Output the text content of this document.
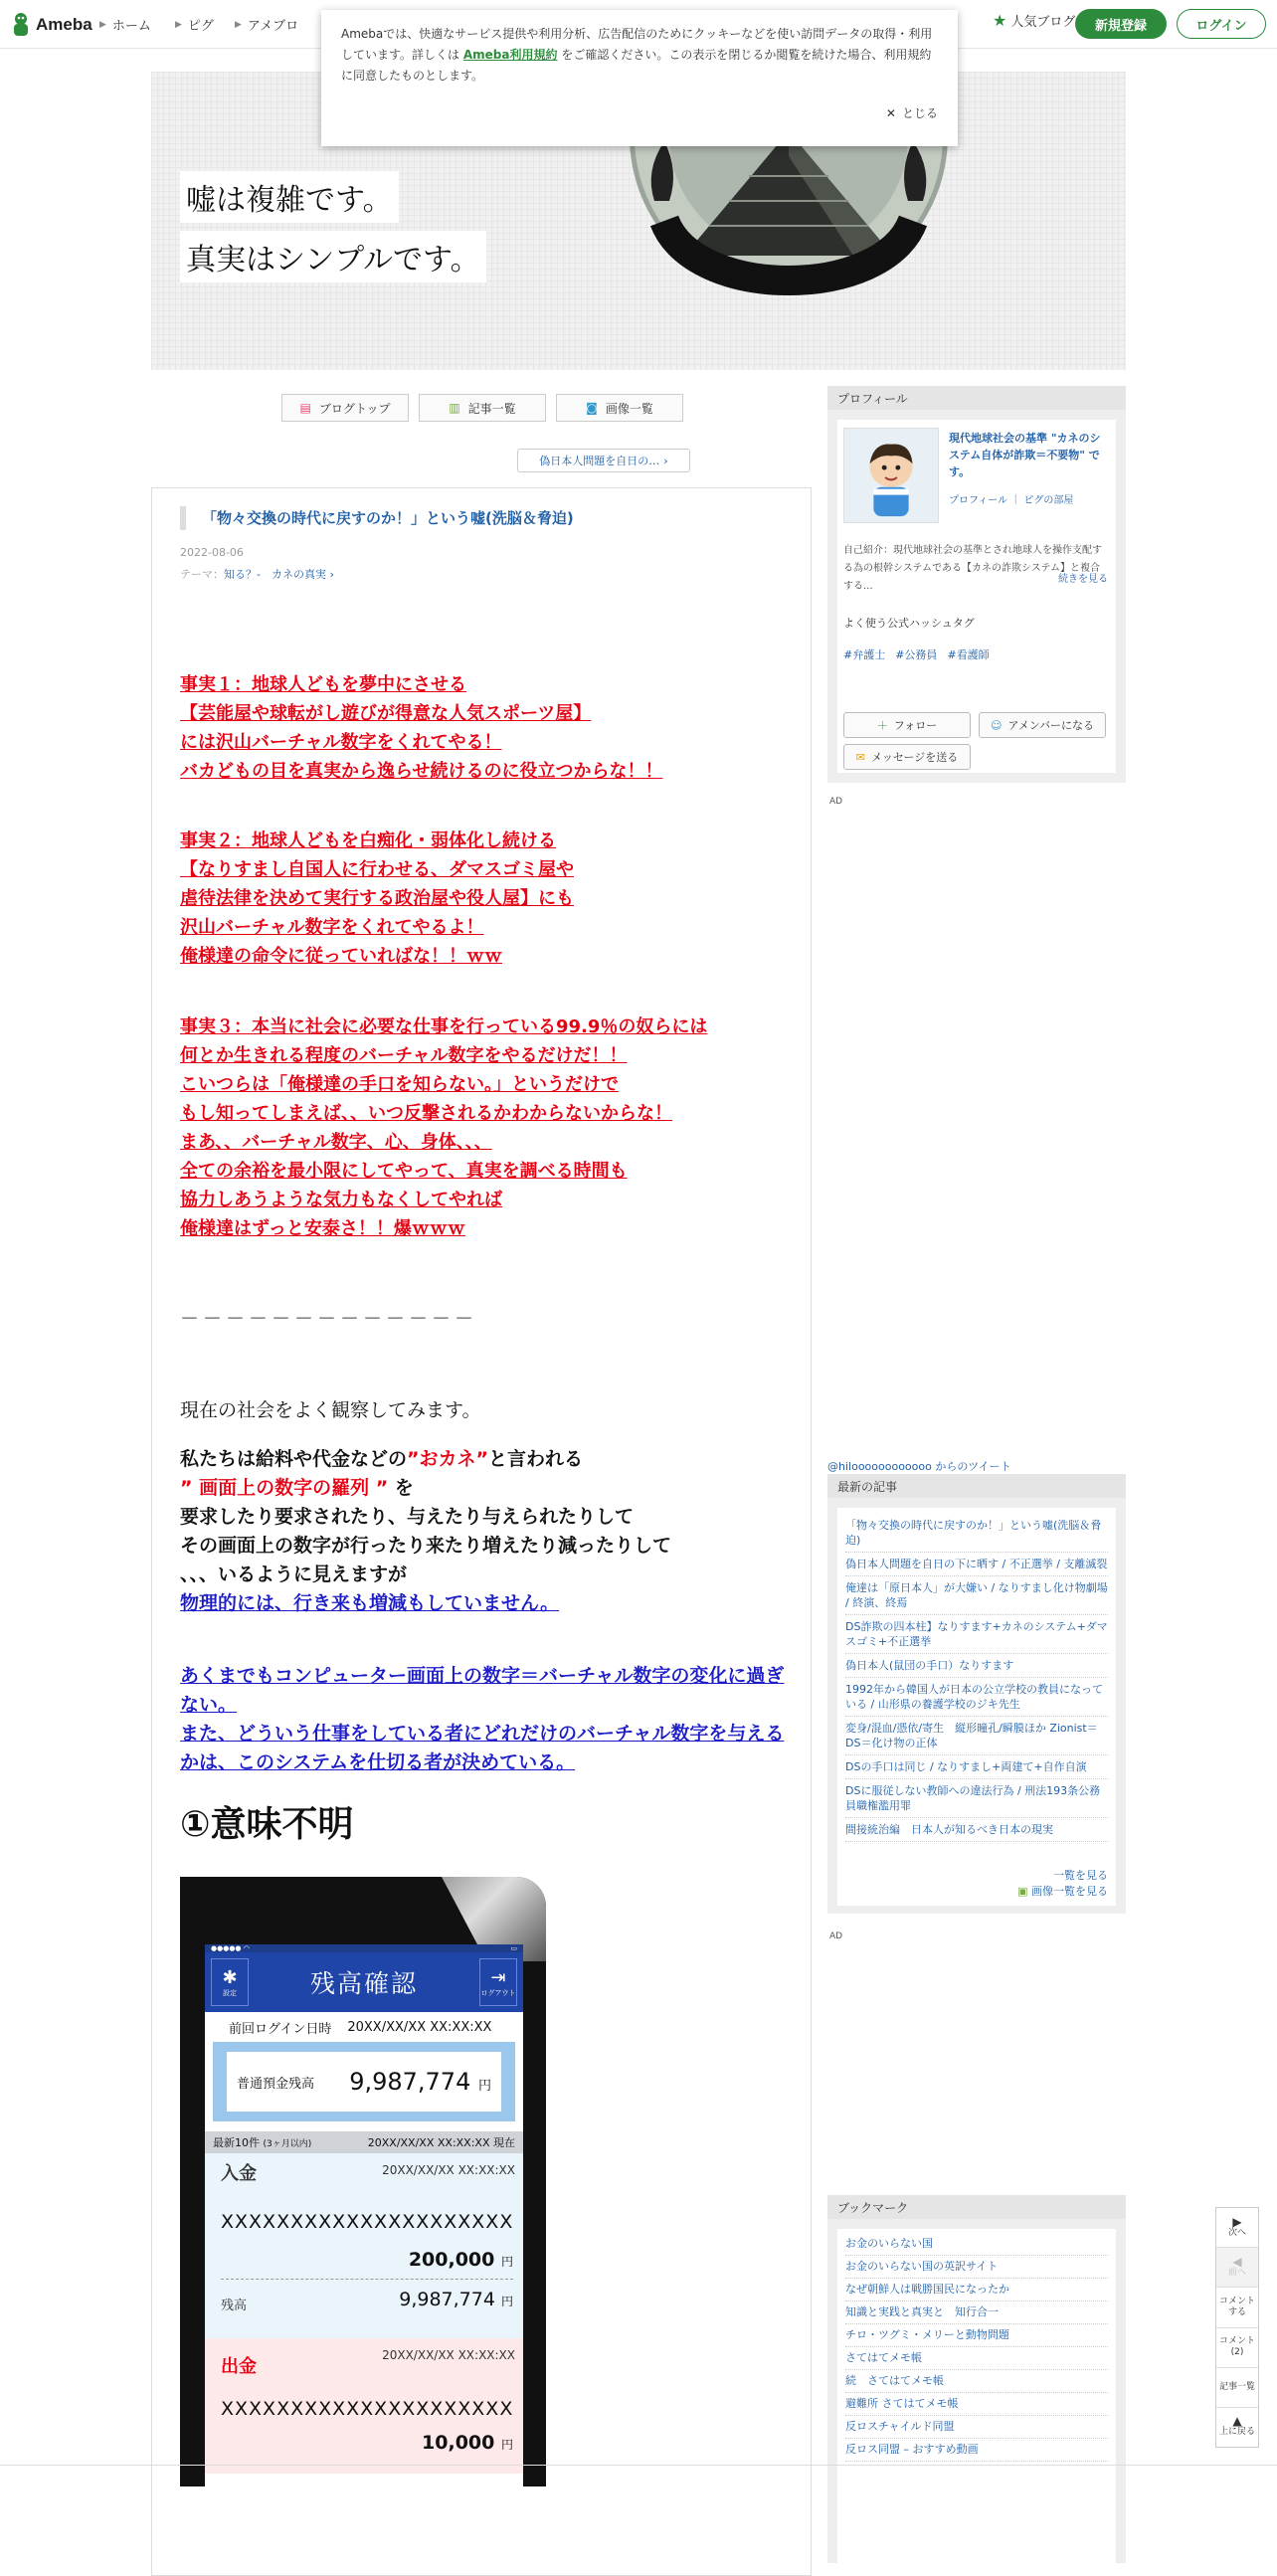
Ameba ▶ ホーム	▶ ピグ ▶ アメブロ	★ 人気ブログ	新規登録	ログイン
Amebaでは、快適なサービス提供や利用分析、広告配信のためにクッキーなどを使い訪問データの取得・利用しています。詳しくは Ameba利用規約 をご確認ください。この表示を閉じるか閲覧を続けた場合、利用規約に同意したものとします。
✕ とじる
嘘は複雑です。
真実はシンプルです。
▤ ブログトップ	▥ 記事一覧	◙ 画像一覧
偽日本人問題を自日の… ›
「物々交換の時代に戻すのか！」という嘘(洗脳＆脅迫)
2022-08-06
テーマ：知る？-　カネの真実 ›
事実１：地球人どもを夢中にさせる
【芸能屋や球転がし遊びが得意な人気スポーツ屋】
には沢山バーチャル数字をくれてやる！
バカどもの目を真実から逸らせ続けるのに役立つからな！！
事実２：地球人どもを白痴化・弱体化し続ける
【なりすまし自国人に行わせる、ダマスゴミ屋や
虐待法律を決めて実行する政治屋や役人屋】にも
沢山バーチャル数字をくれてやるよ！
俺様達の命令に従っていればな！！ｗｗ
事実３：本当に社会に必要な仕事を行っている99.9％の奴らには
何とか生きれる程度のバーチャル数字をやるだけだ！！
こいつらは「俺様達の手口を知らない。」というだけで
もし知ってしまえば、、いつ反撃されるかわからないからな！
まあ、、バーチャル数字、心、身体、、、
全ての余裕を最小限にしてやって、真実を調べる時間も
協力しあうような気力もなくしてやれば
俺様達はずっと安泰さ！！爆ｗｗｗ
－－－－－－－－－－－－－
現在の社会をよく観察してみます。
私たちは給料や代金などの”おカネ”と言われる
” 画面上の数字の羅列 ” を
要求したり要求されたり、与えたり与えられたりして
その画面上の数字が行ったり来たり増えたり減ったりして
、、、いるように見えますが
物理的には、行き来も増減もしていません。
あくまでもコンピューター画面上の数字＝バーチャル数字の変化に過ぎない。
また、どういう仕事をしている者にどれだけのバーチャル数字を与えるかは、このシステムを仕切る者が決めている。
①意味不明
●●●●● ◠	▭
✱
設定	残高確認	⇥
ログアウト
前回ログイン日時 20XX/XX/XX XX:XX:XX
普通預金残高 9,987,774 円
最新10件 (3ヶ月以内)	20XX/XX/XX XX:XX:XX 現在
入金	20XX/XX/XX XX:XX:XX
XXXXXXXXXXXXXXXXXXXXX
200,000 円
残高	9,987,774 円
出金
20XX/XX/XX XX:XX:XX
XXXXXXXXXXXXXXXXXXXXX
10,000 円
プロフィール
現代地球社会の基準 "カネのシステム自体が詐欺＝不要物" です。
プロフィール ｜ ピグの部屋
自己紹介：現代地球社会の基準とされ地球人を操作支配する為の根幹システムである【カネの詐欺システム】と複合する...
続きを見る
よく使う公式ハッシュタグ
#弁護士 #公務員 #看護師
＋ フォロー	☺ アメンバーになる
✉ メッセージを送る
AD
@hiloooooooooooo からのツイート
最新の記事
「物々交換の時代に戻すのか！」という嘘(洗脳＆脅迫)
偽日本人問題を自日の下に晒す / 不正選挙 / 支離滅裂
俺達は「原日本人」が大嫌い / なりすまし化け物劇場 / 終演、終焉
DS詐欺の四本柱】なりすます+カネのシステム+ダマスゴミ+不正選挙
偽日本人(鼠団の手口）なりすます
1992年から韓国人が日本の公立学校の教員になっている / 山形県の養護学校のジキ先生
変身/混血/憑依/寄生　縦形曈孔/瞬膜ほか Zionist＝DS＝化け物の正体
DSの手口は同じ / なりすまし+両建て+自作自演
DSに服従しない教師への違法行為 / 刑法193条公務員職権濫用罪
間接統治編　日本人が知るべき日本の現実
一覧を見る
▣ 画像一覧を見る
AD
ブックマーク
お金のいらない国
お金のいらない国の英訳サイト
なぜ朝鮮人は戦勝国民になったか
知識と実践と真実と　知行合一
チロ・ツグミ・メリーと動物問題
さてはてメモ帳
続　さてはてメモ帳
避難所 さてはてメモ帳
反ロスチャイルド同盟
反ロス同盟 – おすすめ動画
▶
次へ
◀
前へ
コメントする
コメント(2)
記事一覧
▲
上に戻る
